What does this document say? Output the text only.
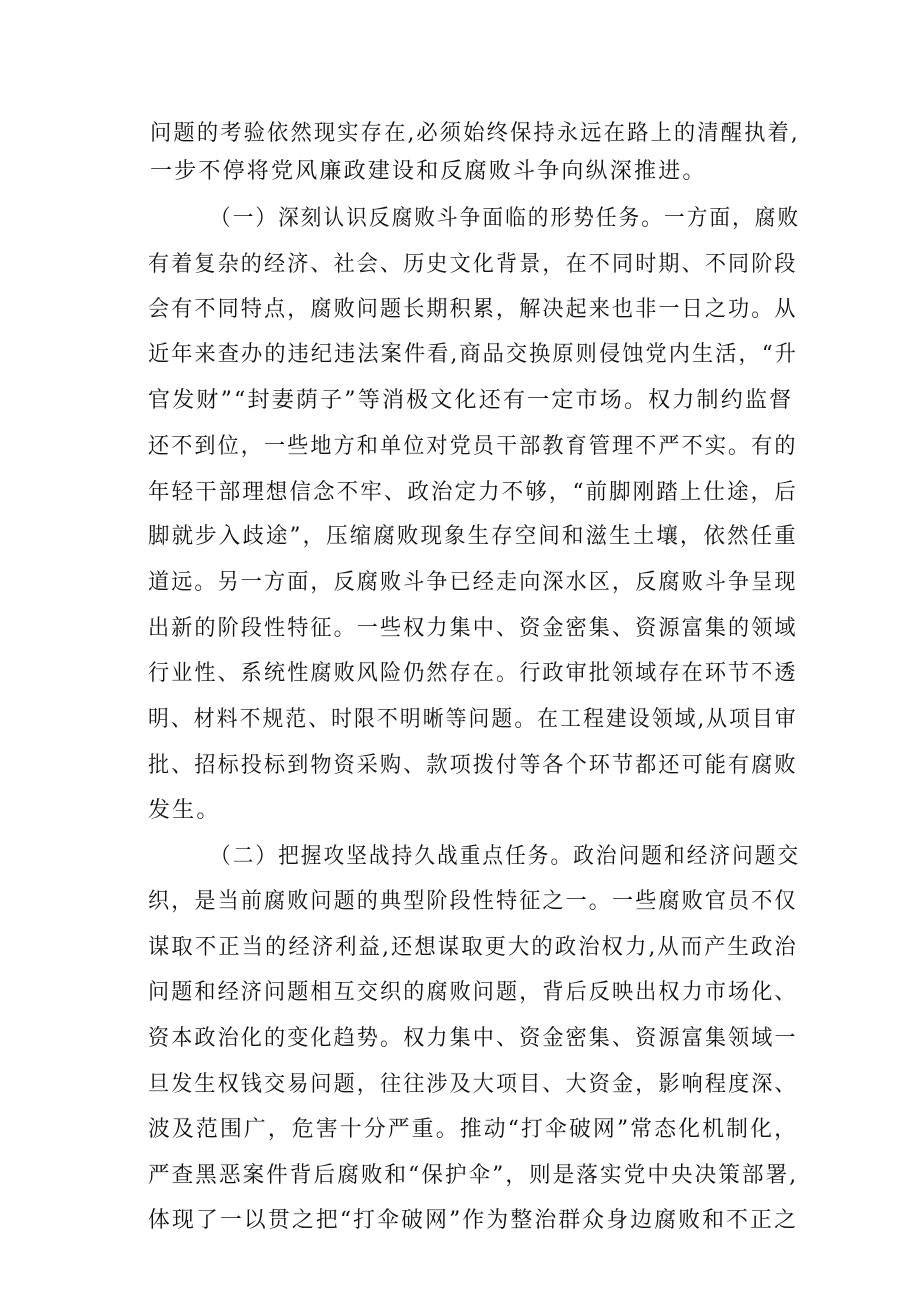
问题的考验依然现实存在,必须始终保持永远在路上的清醒执着,
一步不停将党风廉政建设和反腐败斗争向纵深推进。
（一）深刻认识反腐败斗争面临的形势任务。一方面，腐败
有着复杂的经济、社会、历史文化背景，在不同时期、不同阶段
会有不同特点，腐败问题长期积累，解决起来也非一日之功。从
近年来查办的违纪违法案件看,商品交换原则侵蚀党内生活，“升
官发财”“封妻荫子”等消极文化还有一定市场。权力制约监督
还不到位，一些地方和单位对党员干部教育管理不严不实。有的
年轻干部理想信念不牢、政治定力不够，“前脚刚踏上仕途，后
脚就步入歧途”，压缩腐败现象生存空间和滋生土壤，依然任重
道远。另一方面，反腐败斗争已经走向深水区，反腐败斗争呈现
出新的阶段性特征。一些权力集中、资金密集、资源富集的领域
行业性、系统性腐败风险仍然存在。行政审批领域存在环节不透
明、材料不规范、时限不明晰等问题。在工程建设领域,从项目审
批、招标投标到物资采购、款项拨付等各个环节都还可能有腐败
发生。
（二）把握攻坚战持久战重点任务。政治问题和经济问题交
织，是当前腐败问题的典型阶段性特征之一。一些腐败官员不仅
谋取不正当的经济利益,还想谋取更大的政治权力,从而产生政治
问题和经济问题相互交织的腐败问题，背后反映出权力市场化、
资本政治化的变化趋势。权力集中、资金密集、资源富集领域一
旦发生权钱交易问题，往往涉及大项目、大资金，影响程度深、
波及范围广，危害十分严重。推动“打伞破网”常态化机制化，
严查黑恶案件背后腐败和“保护伞”，则是落实党中央决策部署,
体现了一以贯之把“打伞破网”作为整治群众身边腐败和不正之
